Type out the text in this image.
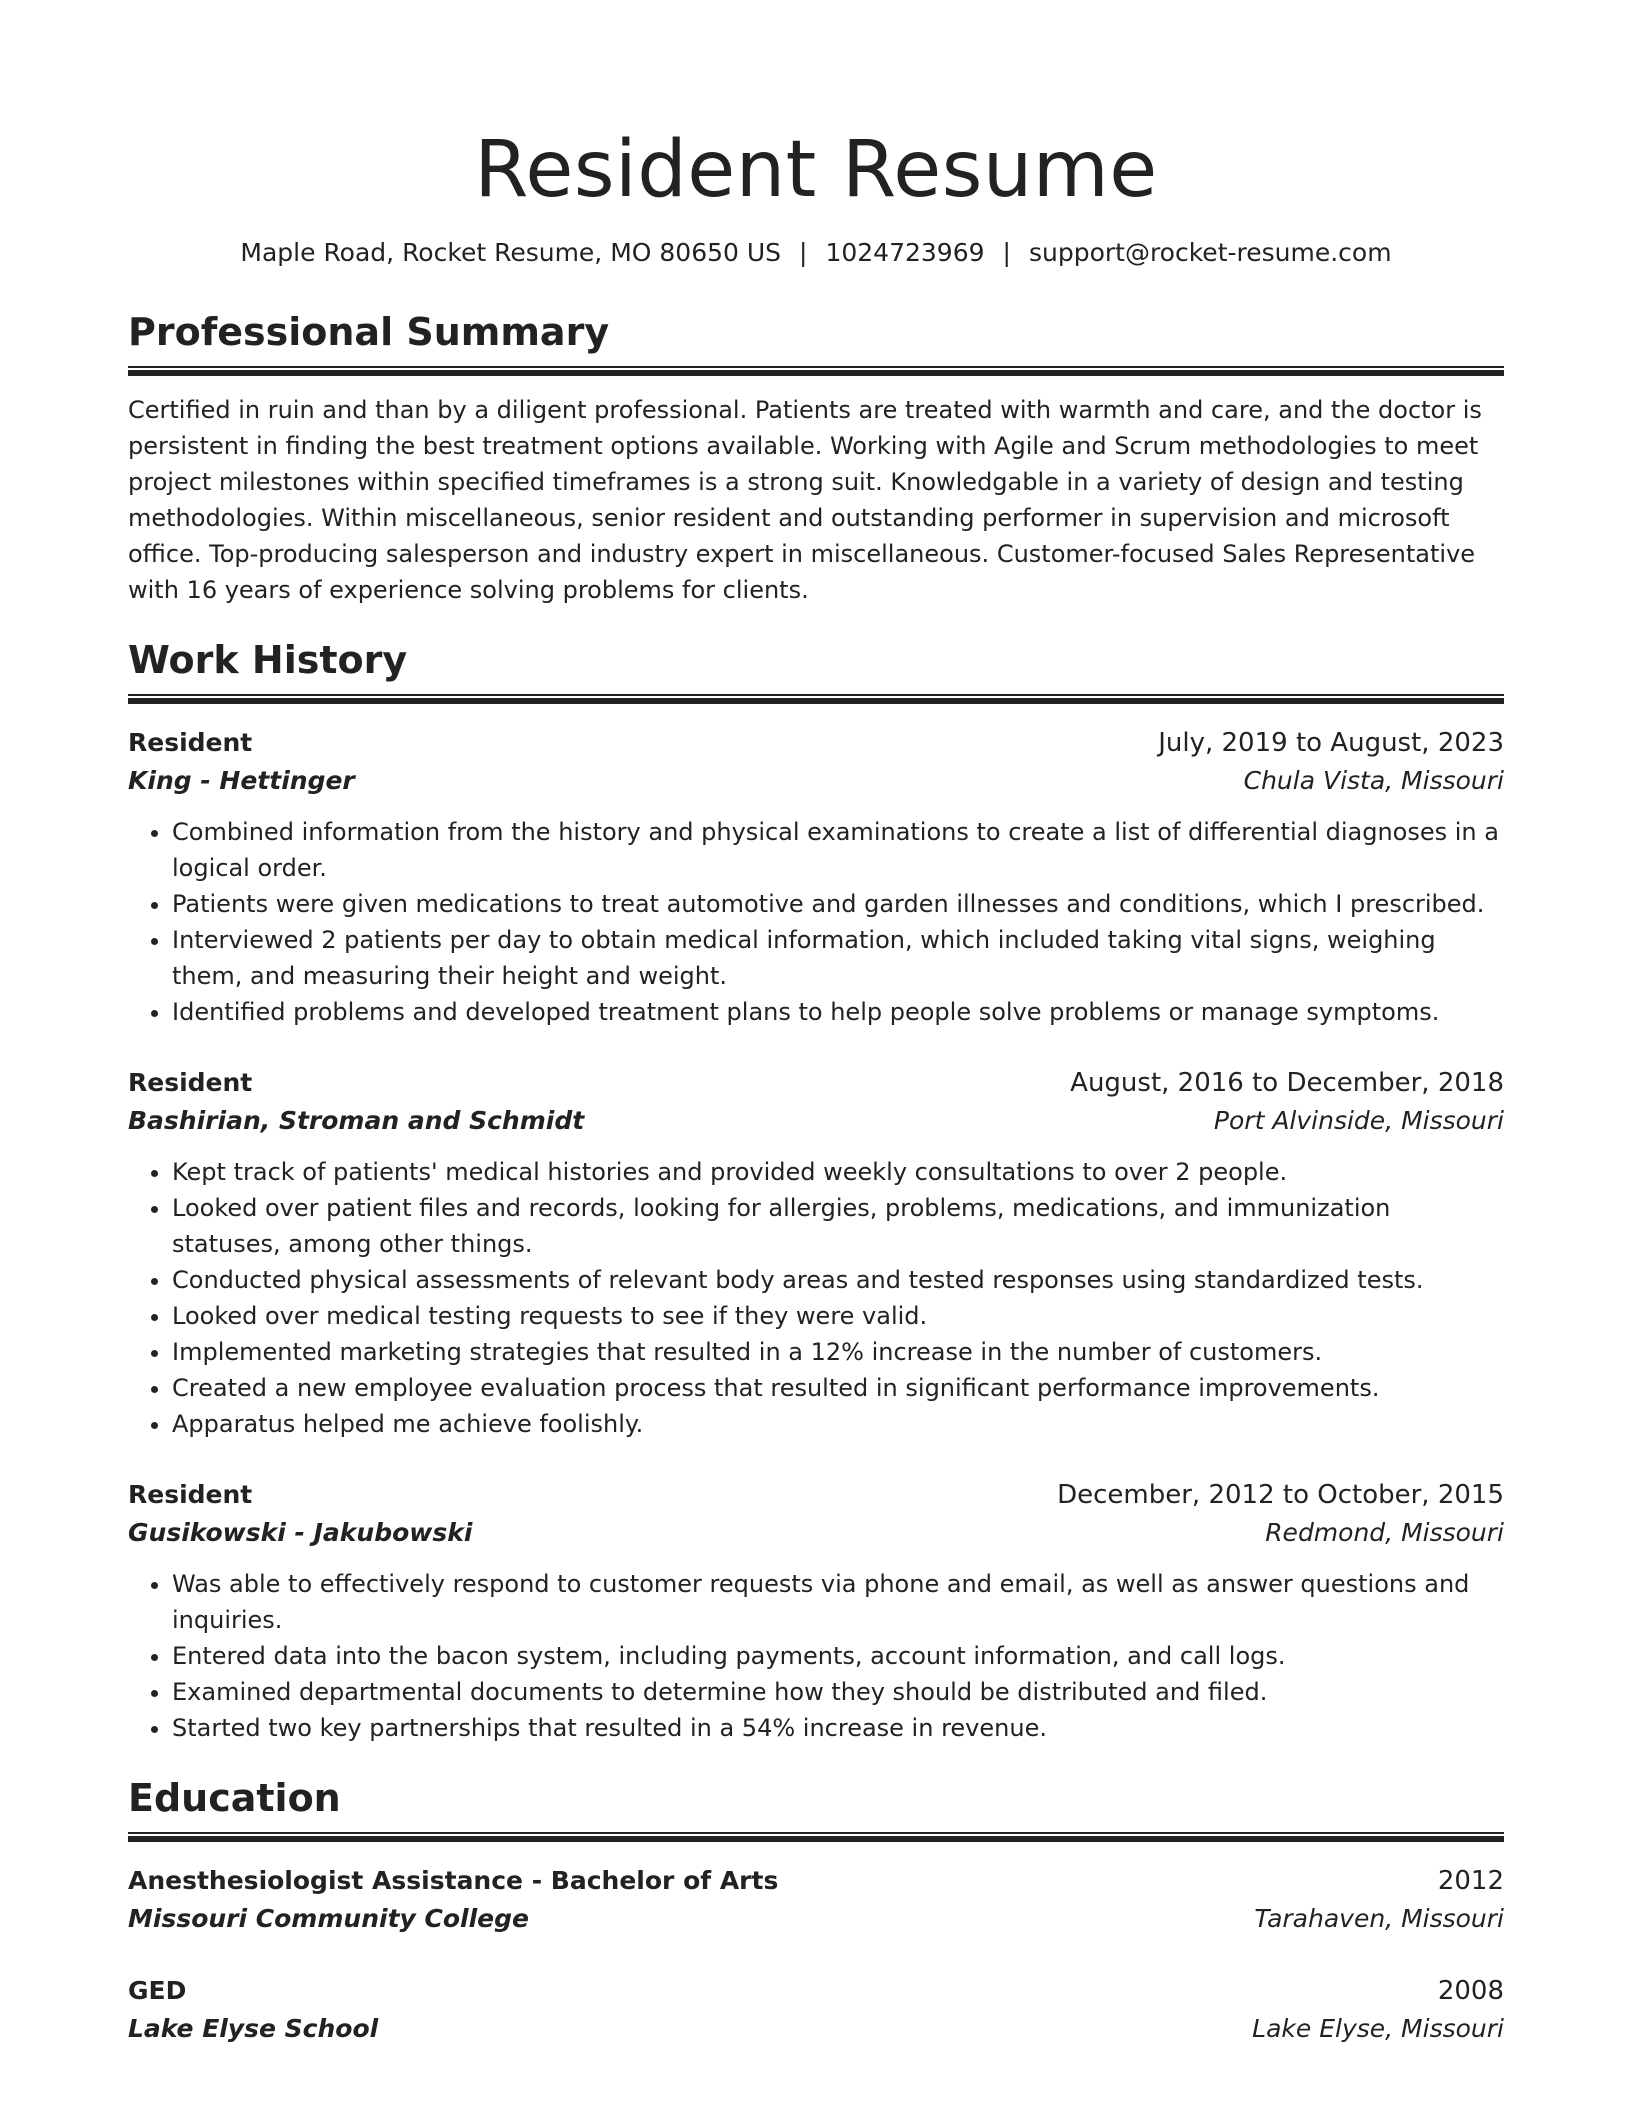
Resident Resume
Maple Road, Rocket Resume, MO 80650 US | 1024723969 | support@rocket-resume.com
Professional Summary

Certified in ruin and than by a diligent professional. Patients are treated with warmth and care, and the doctor is persistent in finding the best treatment options available. Working with Agile and Scrum methodologies to meet project milestones within specified timeframes is a strong suit. Knowledgable in a variety of design and testing methodologies. Within miscellaneous, senior resident and outstanding performer in supervision and microsoft office. Top-producing salesperson and industry expert in miscellaneous. Customer-focused Sales Representative with 16 years of experience solving problems for clients.

Work History
Resident	July, 2019 to August, 2023
King - Hettinger	Chula Vista, Missouri
• Combined information from the history and physical examinations to create a list of differential diagnoses in a logical order.
• Patients were given medications to treat automotive and garden illnesses and conditions, which I prescribed.
• Interviewed 2 patients per day to obtain medical information, which included taking vital signs, weighing them, and measuring their height and weight.
• Identified problems and developed treatment plans to help people solve problems or manage symptoms.
Resident	August, 2016 to December, 2018
Bashirian, Stroman and Schmidt	Port Alvinside, Missouri
• Kept track of patients' medical histories and provided weekly consultations to over 2 people.
• Looked over patient files and records, looking for allergies, problems, medications, and immunization statuses, among other things.
• Conducted physical assessments of relevant body areas and tested responses using standardized tests.
• Looked over medical testing requests to see if they were valid.
• Implemented marketing strategies that resulted in a 12% increase in the number of customers.
• Created a new employee evaluation process that resulted in significant performance improvements.
• Apparatus helped me achieve foolishly.
Resident	December, 2012 to October, 2015
Gusikowski - Jakubowski	Redmond, Missouri
• Was able to effectively respond to customer requests via phone and email, as well as answer questions and inquiries.
• Entered data into the bacon system, including payments, account information, and call logs.
• Examined departmental documents to determine how they should be distributed and filed.
• Started two key partnerships that resulted in a 54% increase in revenue.
Education
Anesthesiologist Assistance - Bachelor of Arts	2012
Missouri Community College	Tarahaven, Missouri
GED	2008
Lake Elyse School	Lake Elyse, Missouri
